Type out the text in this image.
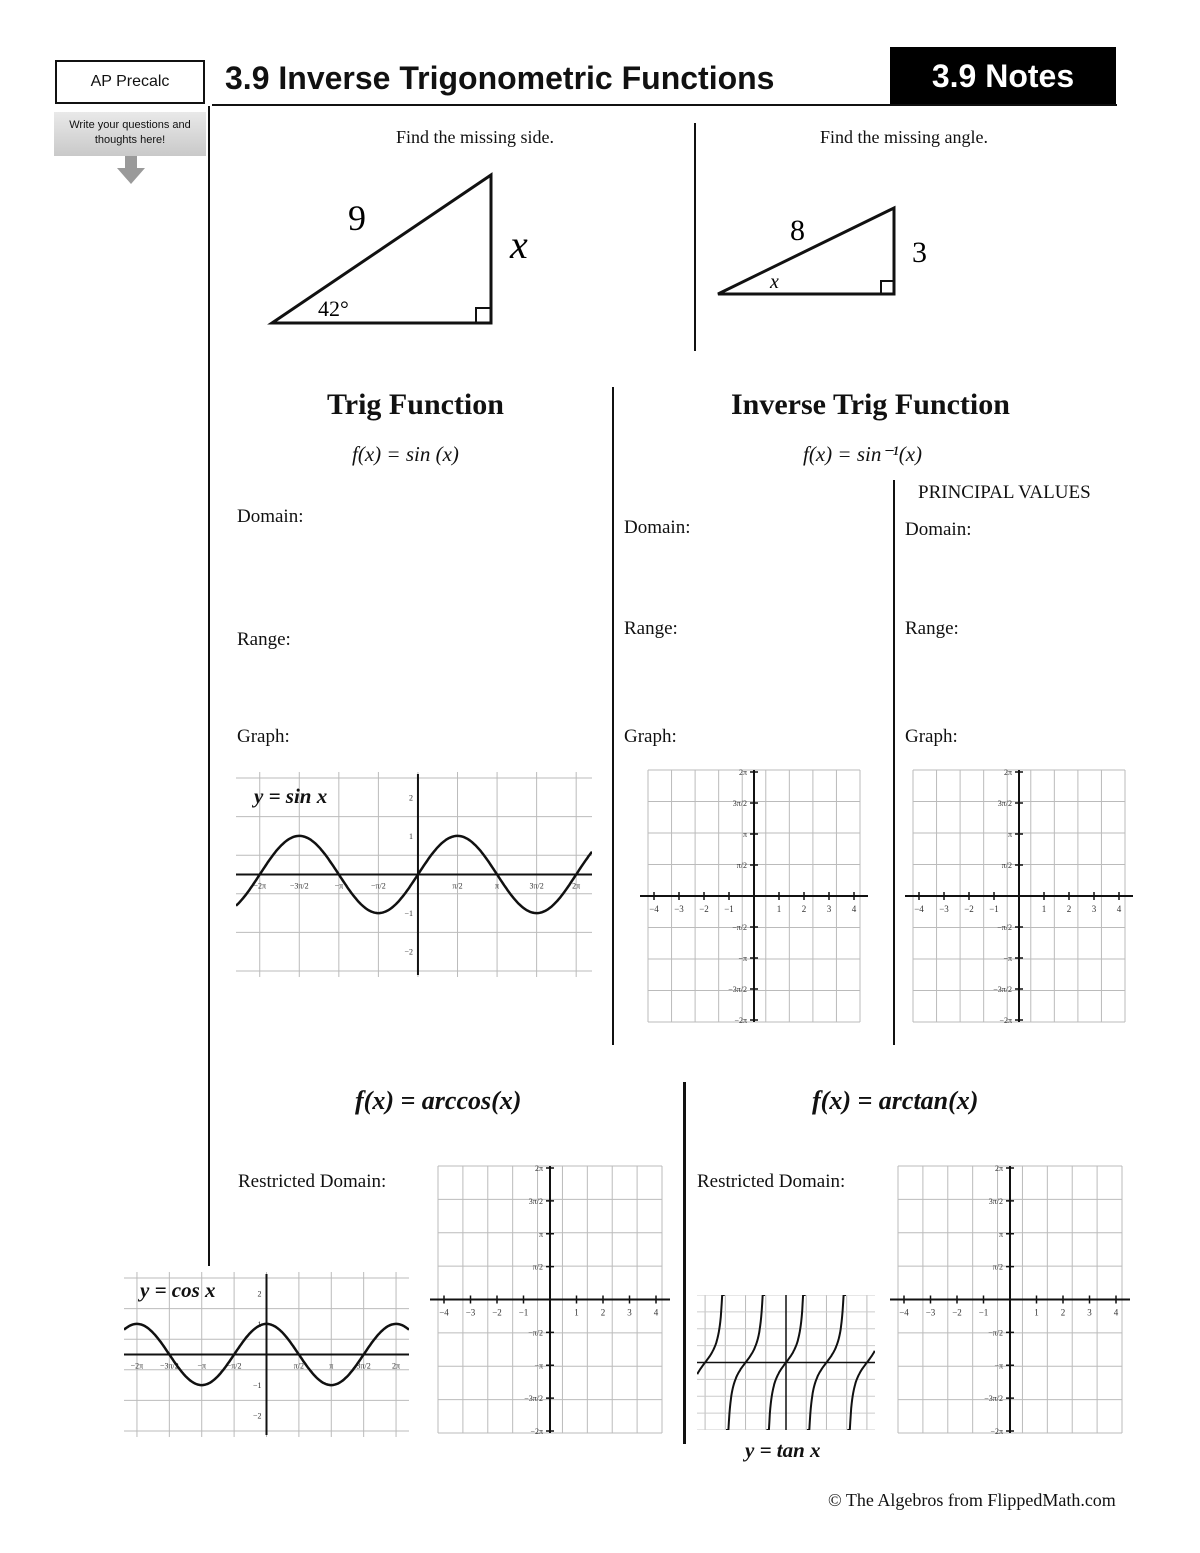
AP Precalc
Write your questions and thoughts here!
3.9 Inverse Trigonometric Functions	3.9 Notes
Find the missing side.
9
x
42°
Find the missing angle.
8
3
x
Trig Function
f(x) = sin (x)
Domain:
Range:
Graph:
Inverse Trig Function
f(x) = sin⁻¹(x)
PRINCIPAL VALUES
Domain:	Domain:
Range:	Range:
Graph:	Graph:
−2π	−3π/2	−π	−π/2	π/2	π	3π/2	2π
2
1
−1
−2
y = sin x
−4 −3 −2 −1	1 2 3 4
2π
3π/2
π
π/2
−π/2
−π
−3π/2
−2π
−4 −3 −2 −1	1 2 3 4
2π
3π/2
π
π/2
−π/2
−π
−3π/2
−2π
f(x) = arccos(x)	f(x) = arctan(x)
Restricted Domain:	Restricted Domain:
−4 −3 −2 −1	1 2 3 4
2π
3π/2
π
π/2
−π/2
−π
−3π/2
−2π
−4 −3 −2 −1	1 2 3 4
2π
3π/2
π
π/2
−π/2
−π
−3π/2
−2π
−2π −3π/2 −π	−π/2	π/2	π	3π/2	2π
2
1
−1
−2
y = cos x
y = tan x
© The Algebros from FlippedMath.com
